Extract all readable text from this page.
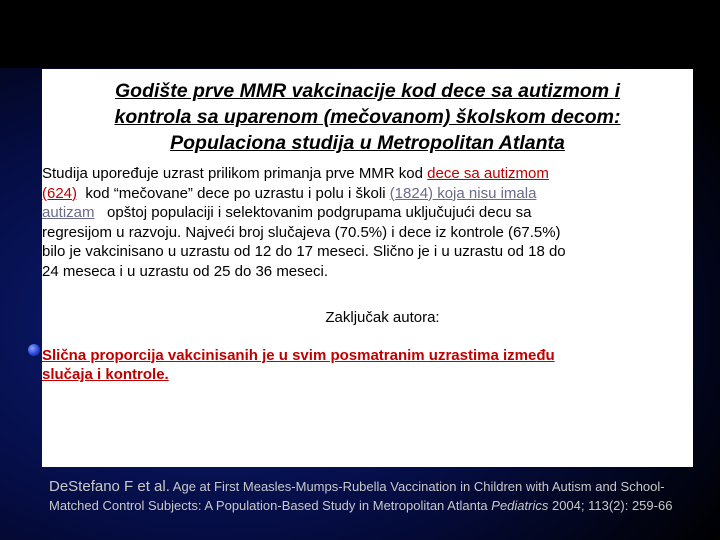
Godište prve MMR vakcinacije kod dece sa autizmom i
kontrola sa uparenom (mečovanom) školskom decom:
Populaciona studija u Metropolitan Atlanta
Studija upoređuje uzrast prilikom primanja prve MMR kod dece sa autizmom
(624)  kod “mečovane” dece po uzrastu i polu i školi (1824) koja nisu imala
autizam   opštoj populaciji i selektovanim podgrupama uključujući decu sa
regresijom u razvoju. Najveći broj slučajeva (70.5%) i dece iz kontrole (67.5%)
bilo je vakcinisano u uzrastu od 12 do 17 meseci. Slično je i u uzrastu od 18 do
24 meseca i u uzrastu od 25 do 36 meseci.

Zaključak autora:

Slična proporcija vakcinisanih je u svim posmatranim uzrastima između
slučaja i kontrole.
DeStefano F et al. Age at First Measles-Mumps-Rubella Vaccination in Children with Autism and School-Matched Control Subjects: A Population-Based Study in Metropolitan Atlanta Pediatrics 2004; 113(2): 259-66
